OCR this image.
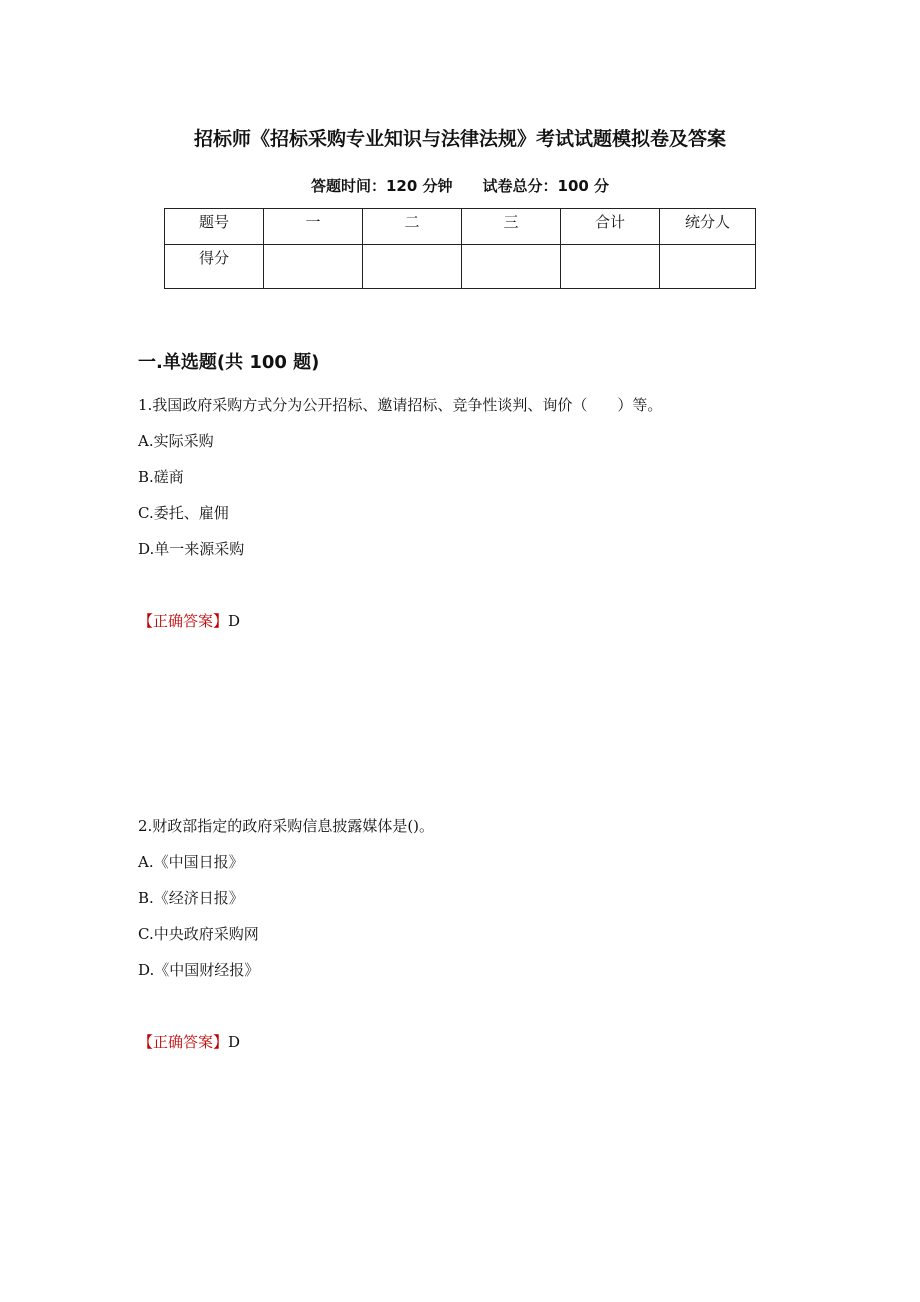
招标师《招标采购专业知识与法律法规》考试试题模拟卷及答案
答题时间：120 分钟 试卷总分：100 分
题号	一	二	三	合计	统分人
得分					
一.单选题(共 100 题)
1.我国政府采购方式分为公开招标、邀请招标、竞争性谈判、询价（　　）等。
A.实际采购
B.磋商
C.委托、雇佣
D.单一来源采购
【正确答案】D
2.财政部指定的政府采购信息披露媒体是()。
A.《中国日报》
B.《经济日报》
C.中央政府采购网
D.《中国财经报》
【正确答案】D
